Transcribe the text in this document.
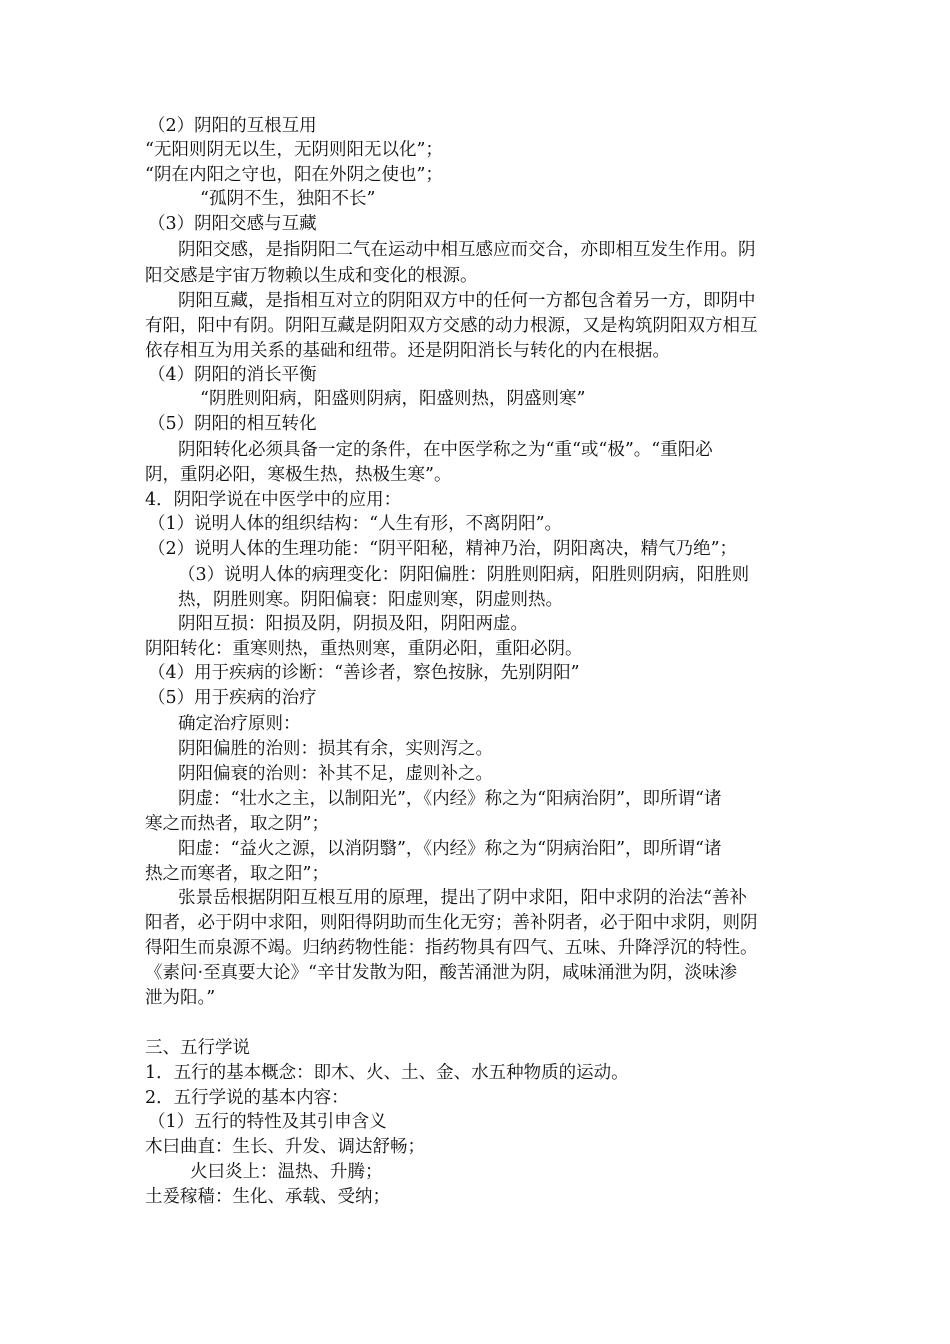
（2）阴阳的互根互用
“无阳则阴无以生，无阴则阳无以化”；
“阴在内阳之守也，阳在外阴之使也”；
“孤阴不生，独阳不长”
（3）阴阳交感与互藏
阴阳交感，是指阴阳二气在运动中相互感应而交合，亦即相互发生作用。阴
阳交感是宇宙万物赖以生成和变化的根源。
阴阳互藏，是指相互对立的阴阳双方中的任何一方都包含着另一方，即阴中
有阳，阳中有阴。阴阳互藏是阴阳双方交感的动力根源，又是构筑阴阳双方相互
依存相互为用关系的基础和纽带。还是阴阳消长与转化的内在根据。
（4）阴阳的消长平衡
“阴胜则阳病，阳盛则阴病，阳盛则热，阴盛则寒”
（5）阴阳的相互转化
阴阳转化必须具备一定的条件，在中医学称之为“重“或“极”。“重阳必
阴，重阴必阳，寒极生热，热极生寒”。
4．阴阳学说在中医学中的应用：
（1）说明人体的组织结构：“人生有形，不离阴阳”。
（2）说明人体的生理功能：“阴平阳秘，精神乃治，阴阳离决，精气乃绝”；
（3）说明人体的病理变化：阴阳偏胜：阴胜则阳病，阳胜则阴病，阳胜则
热，阴胜则寒。阴阳偏衰：阳虚则寒，阴虚则热。
阴阳互损：阳损及阴，阴损及阳，阴阳两虚。
阴阳转化：重寒则热，重热则寒，重阴必阳，重阳必阴。
（4）用于疾病的诊断：“善诊者，察色按脉，先别阴阳”
（5）用于疾病的治疗
确定治疗原则：
阴阳偏胜的治则：损其有余，实则泻之。
阴阳偏衰的治则：补其不足，虚则补之。
阴虚：“壮水之主，以制阳光”，《内经》称之为“阳病治阴”，即所谓“诸
寒之而热者，取之阴”；
阳虚：“益火之源，以消阴翳”，《内经》称之为“阴病治阳”，即所谓“诸
热之而寒者，取之阳”；
张景岳根据阴阳互根互用的原理，提出了阴中求阳，阳中求阴的治法“善补
阳者，必于阴中求阳，则阳得阴助而生化无穷；善补阴者，必于阳中求阴，则阴
得阳生而泉源不竭。归纳药物性能：指药物具有四气、五味、升降浮沉的特性。
《素问·至真要大论》“辛甘发散为阳，酸苦涌泄为阴，咸味涌泄为阴，淡味渗
泄为阳。”
三、五行学说
1．五行的基本概念：即木、火、土、金、水五种物质的运动。
2．五行学说的基本内容：
（1）五行的特性及其引申含义
木曰曲直：生长、升发、调达舒畅；
火曰炎上：温热、升腾；
土爰稼穑：生化、承载、受纳；
